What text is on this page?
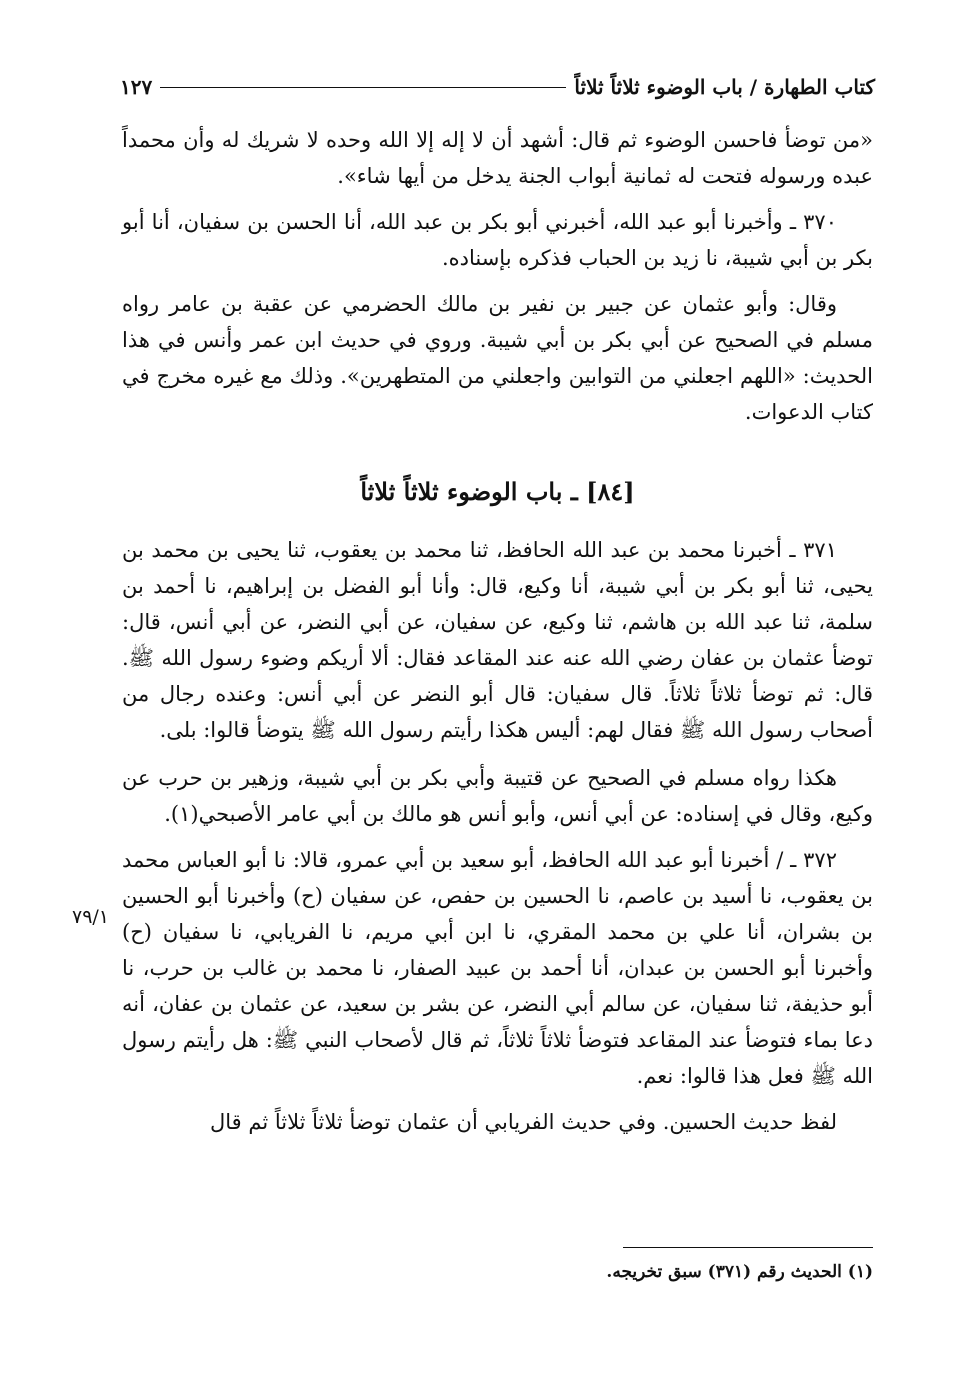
كتاب الطهارة / باب الوضوء ثلاثاً ثلاثاً
١٢٧

«من توضأ فاحسن الوضوء ثم قال: أشهد أن لا إله إلا الله وحده لا شريك له وأن محمداً عبده ورسوله فتحت له ثمانية أبواب الجنة يدخل من أيها شاء».

٣٧٠ ـ وأخبرنا أبو عبد الله، أخبرني أبو بكر بن عبد الله، أنا الحسن بن سفيان، أنا أبو بكر بن أبي شيبة، نا زيد بن الحباب فذكره بإسناده.

وقال: وأبو عثمان عن جبير بن نفير بن مالك الحضرمي عن عقبة بن عامر رواه مسلم في الصحيح عن أبي بكر بن أبي شيبة. وروي في حديث ابن عمر وأنس في هذا الحديث: «اللهم اجعلني من التوابين واجعلني من المتطهرين». وذلك مع غيره مخرج في كتاب الدعوات.

[٨٤] ـ باب الوضوء ثلاثاً ثلاثاً

٣٧١ ـ أخبرنا محمد بن عبد الله الحافظ، ثنا محمد بن يعقوب، ثنا يحيى بن محمد بن يحيى، ثنا أبو بكر بن أبي شيبة، أنا وكيع، قال: وأنا أبو الفضل بن إبراهيم، نا أحمد بن سلمة، ثنا عبد الله بن هاشم، ثنا وكيع، عن سفيان، عن أبي النضر، عن أبي أنس، قال: توضأ عثمان بن عفان رضي الله عنه عند المقاعد فقال: ألا أريكم وضوء رسول الله ﷺ. قال: ثم توضأ ثلاثاً ثلاثاً. قال سفيان: قال أبو النضر عن أبي أنس: وعنده رجال من أصحاب رسول الله ﷺ فقال لهم: أليس هكذا رأيتم رسول الله ﷺ يتوضأ قالوا: بلى.

هكذا رواه مسلم في الصحيح عن قتيبة وأبي بكر بن أبي شيبة، وزهير بن حرب عن وكيع، وقال في إسناده: عن أبي أنس، وأبو أنس هو مالك بن أبي عامر الأصبحي(١).

٣٧٢ ـ / أخبرنا أبو عبد الله الحافظ، أبو سعيد بن أبي عمرو، قالا: نا أبو العباس محمد بن يعقوب، نا أسيد بن عاصم، نا الحسين بن حفص، عن سفيان (ح) وأخبرنا أبو الحسين بن بشران، أنا علي بن محمد المقري، نا ابن أبي مريم، نا الفريابي، نا سفيان (ح) وأخبرنا أبو الحسن بن عبدان، أنا أحمد بن عبيد الصفار، نا محمد بن غالب بن حرب، نا أبو حذيفة، ثنا سفيان، عن سالم أبي النضر، عن بشر بن سعيد، عن عثمان بن عفان، أنه دعا بماء فتوضأ عند المقاعد فتوضأ ثلاثاً ثلاثاً، ثم قال لأصحاب النبي ﷺ: هل رأيتم رسول الله ﷺ فعل هذا قالوا: نعم.

لفظ حديث الحسين. وفي حديث الفريابي أن عثمان توضأ ثلاثاً ثلاثاً ثم قال

٧٩/١
(١) الحديث رقم (٣٧١) سبق تخريجه.
